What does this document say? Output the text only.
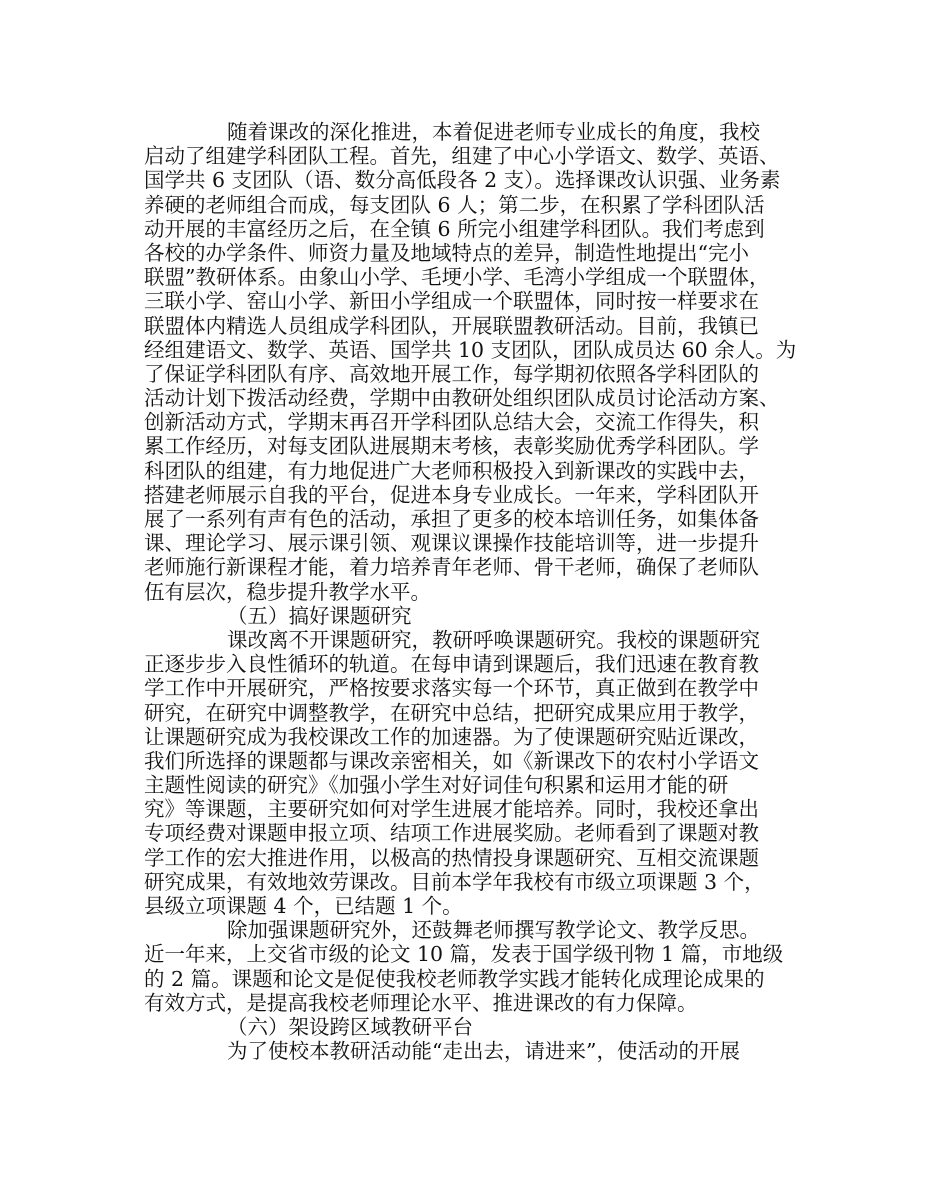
随着课改的深化推进，本着促进老师专业成长的角度，我校
启动了组建学科团队工程。首先，组建了中心小学语文、数学、英语、
国学共 6 支团队（语、数分高低段各 2 支）。选择课改认识强、业务素
养硬的老师组合而成，每支团队 6 人；第二步，在积累了学科团队活
动开展的丰富经历之后，在全镇 6 所完小组建学科团队。我们考虑到
各校的办学条件、师资力量及地域特点的差异，制造性地提出“完小
联盟”教研体系。由象山小学、毛埂小学、毛湾小学组成一个联盟体，
三联小学、窑山小学、新田小学组成一个联盟体，同时按一样要求在
联盟体内精选人员组成学科团队，开展联盟教研活动。目前，我镇已
经组建语文、数学、英语、国学共 10 支团队，团队成员达 60 余人。为
了保证学科团队有序、高效地开展工作，每学期初依照各学科团队的
活动计划下拨活动经费，学期中由教研处组织团队成员讨论活动方案、
创新活动方式，学期末再召开学科团队总结大会，交流工作得失，积
累工作经历，对每支团队进展期末考核，表彰奖励优秀学科团队。学
科团队的组建，有力地促进广大老师积极投入到新课改的实践中去，
搭建老师展示自我的平台，促进本身专业成长。一年来，学科团队开
展了一系列有声有色的活动，承担了更多的校本培训任务，如集体备
课、理论学习、展示课引领、观课议课操作技能培训等，进一步提升
老师施行新课程才能，着力培养青年老师、骨干老师，确保了老师队
伍有层次，稳步提升教学水平。
（五）搞好课题研究
课改离不开课题研究，教研呼唤课题研究。我校的课题研究
正逐步步入良性循环的轨道。在每申请到课题后，我们迅速在教育教
学工作中开展研究，严格按要求落实每一个环节，真正做到在教学中
研究，在研究中调整教学，在研究中总结，把研究成果应用于教学，
让课题研究成为我校课改工作的加速器。为了使课题研究贴近课改，
我们所选择的课题都与课改亲密相关，如《新课改下的农村小学语文
主题性阅读的研究》《加强小学生对好词佳句积累和运用才能的研
究》等课题，主要研究如何对学生进展才能培养。同时，我校还拿出
专项经费对课题申报立项、结项工作进展奖励。老师看到了课题对教
学工作的宏大推进作用，以极高的热情投身课题研究、互相交流课题
研究成果，有效地效劳课改。目前本学年我校有市级立项课题 3 个，
县级立项课题 4 个，已结题 1 个。
除加强课题研究外，还鼓舞老师撰写教学论文、教学反思。
近一年来，上交省市级的论文 10 篇，发表于国学级刊物 1 篇，市地级
的 2 篇。课题和论文是促使我校老师教学实践才能转化成理论成果的
有效方式，是提高我校老师理论水平、推进课改的有力保障。
（六）架设跨区域教研平台
为了使校本教研活动能“走出去，请进来”，使活动的开展
